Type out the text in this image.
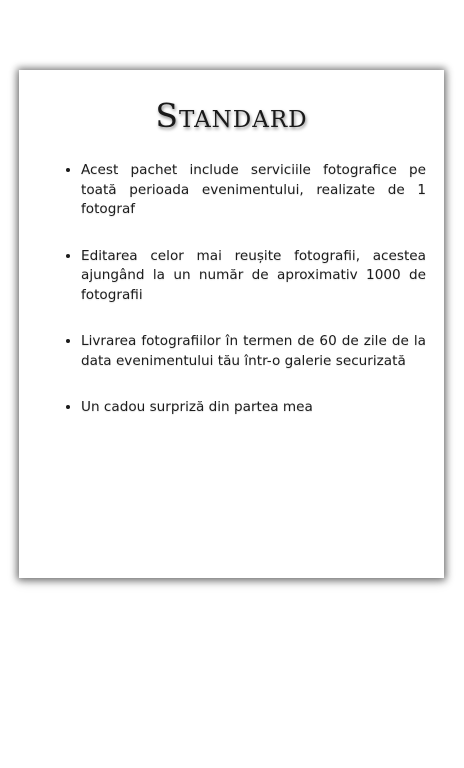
Standard
• Acest pachet include serviciile fotografice pe toată perioada evenimentului, realizate de 1 fotograf
• Editarea celor mai reușite fotografii, acestea ajungând la un număr de aproximativ 1000 de fotografii
• Livrarea fotografiilor în termen de 60 de zile de la data evenimentului tău într-o galerie securizată
• Un cadou surpriză din partea mea
